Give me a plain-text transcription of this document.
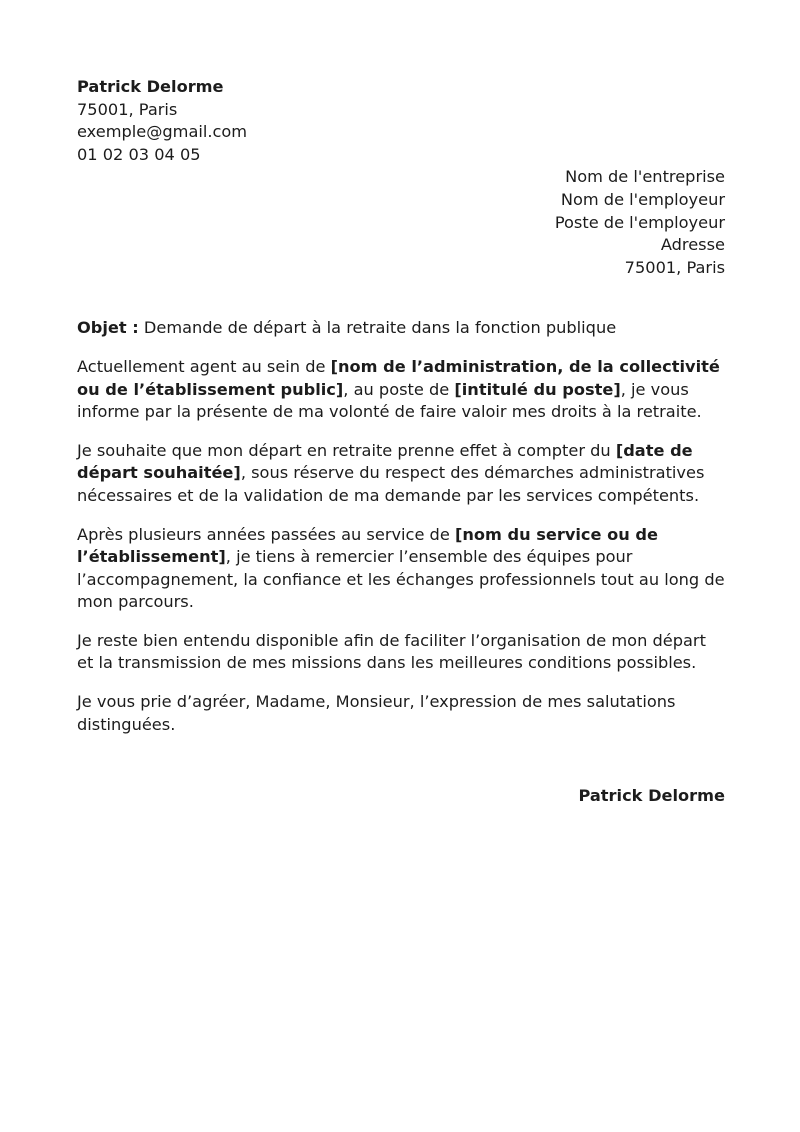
Patrick Delorme

75001, Paris

exemple@gmail.com

01 02 03 04 05

Nom de l'entreprise

Nom de l'employeur

Poste de l'employeur

Adresse

75001, Paris

Objet : Demande de départ à la retraite dans la fonction publique

Actuellement agent au sein de [nom de l’administration, de la collectivité ou de l’établissement public], au poste de [intitulé du poste], je vous informe par la présente de ma volonté de faire valoir mes droits à la retraite.

Je souhaite que mon départ en retraite prenne effet à compter du [date de départ souhaitée], sous réserve du respect des démarches administratives nécessaires et de la validation de ma demande par les services compétents.

Après plusieurs années passées au service de [nom du service ou de l’établissement], je tiens à remercier l’ensemble des équipes pour l’accompagnement, la confiance et les échanges professionnels tout au long de mon parcours.

Je reste bien entendu disponible afin de faciliter l’organisation de mon départ et la transmission de mes missions dans les meilleures conditions possibles.

Je vous prie d’agréer, Madame, Monsieur, l’expression de mes salutations distinguées.

Patrick Delorme
